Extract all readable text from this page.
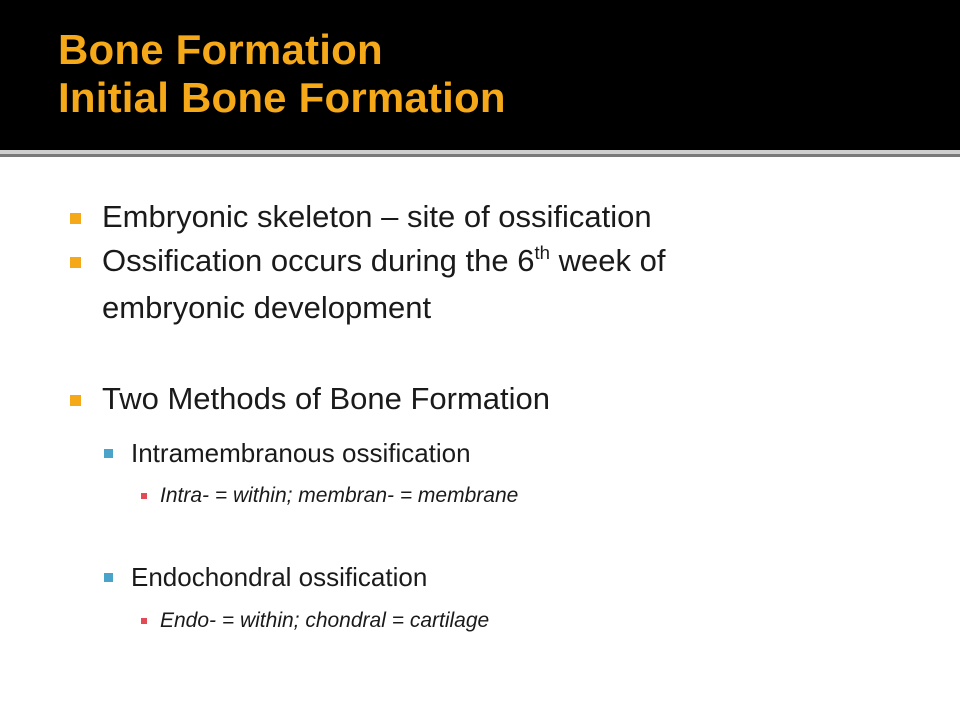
Bone Formation
Initial Bone Formation
Embryonic skeleton – site of ossification
Ossification occurs during the 6th week of
embryonic development
Two Methods of Bone Formation
Intramembranous ossification
Intra- = within; membran- = membrane
Endochondral ossification
Endo- = within; chondral = cartilage
